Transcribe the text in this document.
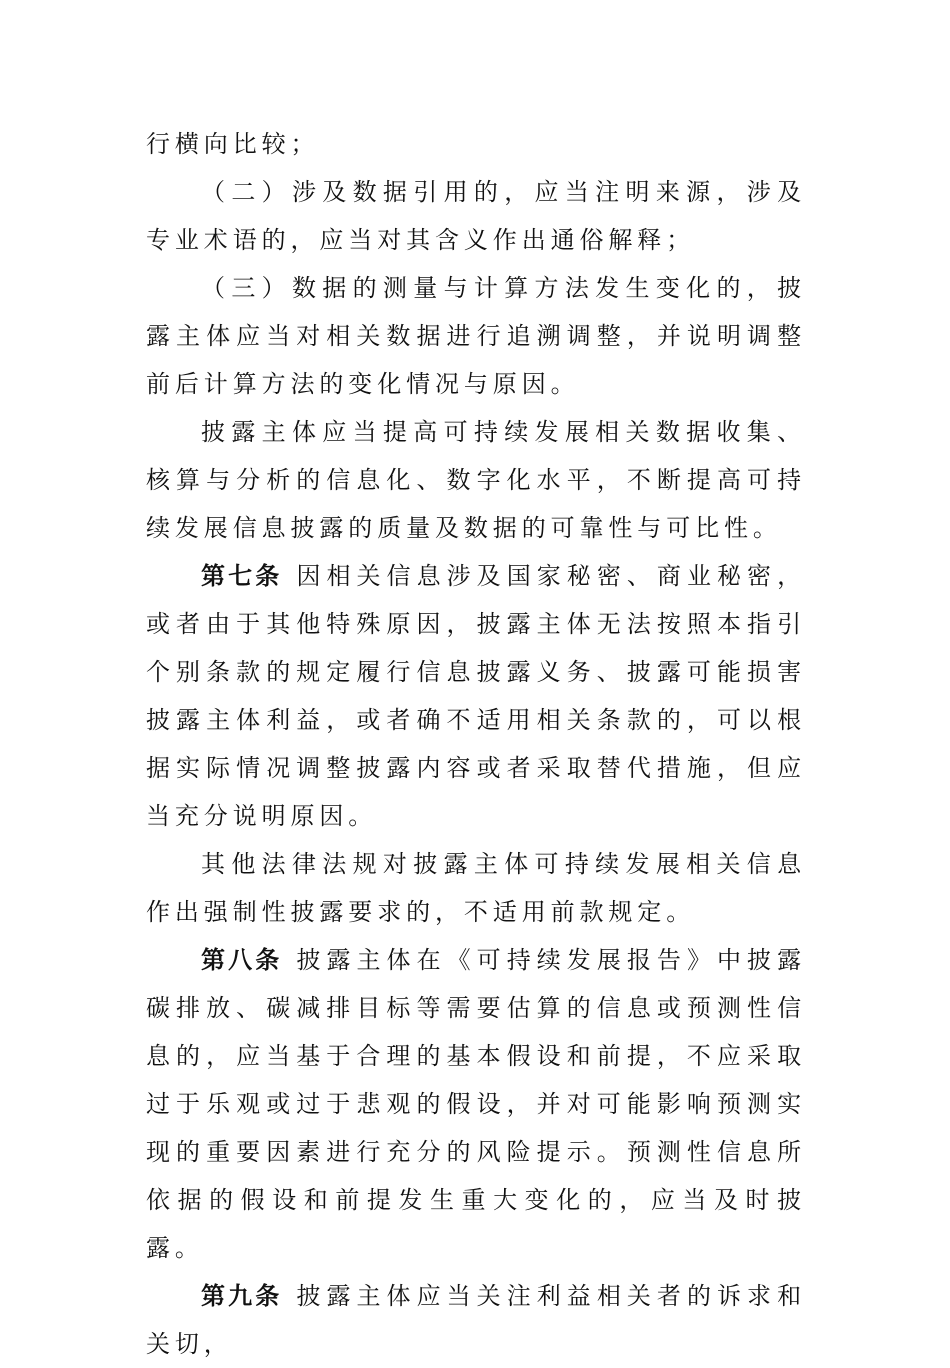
行横向比较；

（二）涉及数据引用的，应当注明来源，涉及专业术语的，应当对其含义作出通俗解释；

（三）数据的测量与计算方法发生变化的，披露主体应当对相关数据进行追溯调整，并说明调整前后计算方法的变化情况与原因。

披露主体应当提高可持续发展相关数据收集、核算与分析的信息化、数字化水平，不断提高可持续发展信息披露的质量及数据的可靠性与可比性。

第七条 因相关信息涉及国家秘密、商业秘密，或者由于其他特殊原因，披露主体无法按照本指引个别条款的规定履行信息披露义务、披露可能损害披露主体利益，或者确不适用相关条款的，可以根据实际情况调整披露内容或者采取替代措施，但应当充分说明原因。

其他法律法规对披露主体可持续发展相关信息作出强制性披露要求的，不适用前款规定。

第八条 披露主体在《可持续发展报告》中披露碳排放、碳减排目标等需要估算的信息或预测性信息的，应当基于合理的基本假设和前提，不应采取过于乐观或过于悲观的假设，并对可能影响预测实现的重要因素进行充分的风险提示。预测性信息所依据的假设和前提发生重大变化的，应当及时披露。

第九条 披露主体应当关注利益相关者的诉求和关切，
